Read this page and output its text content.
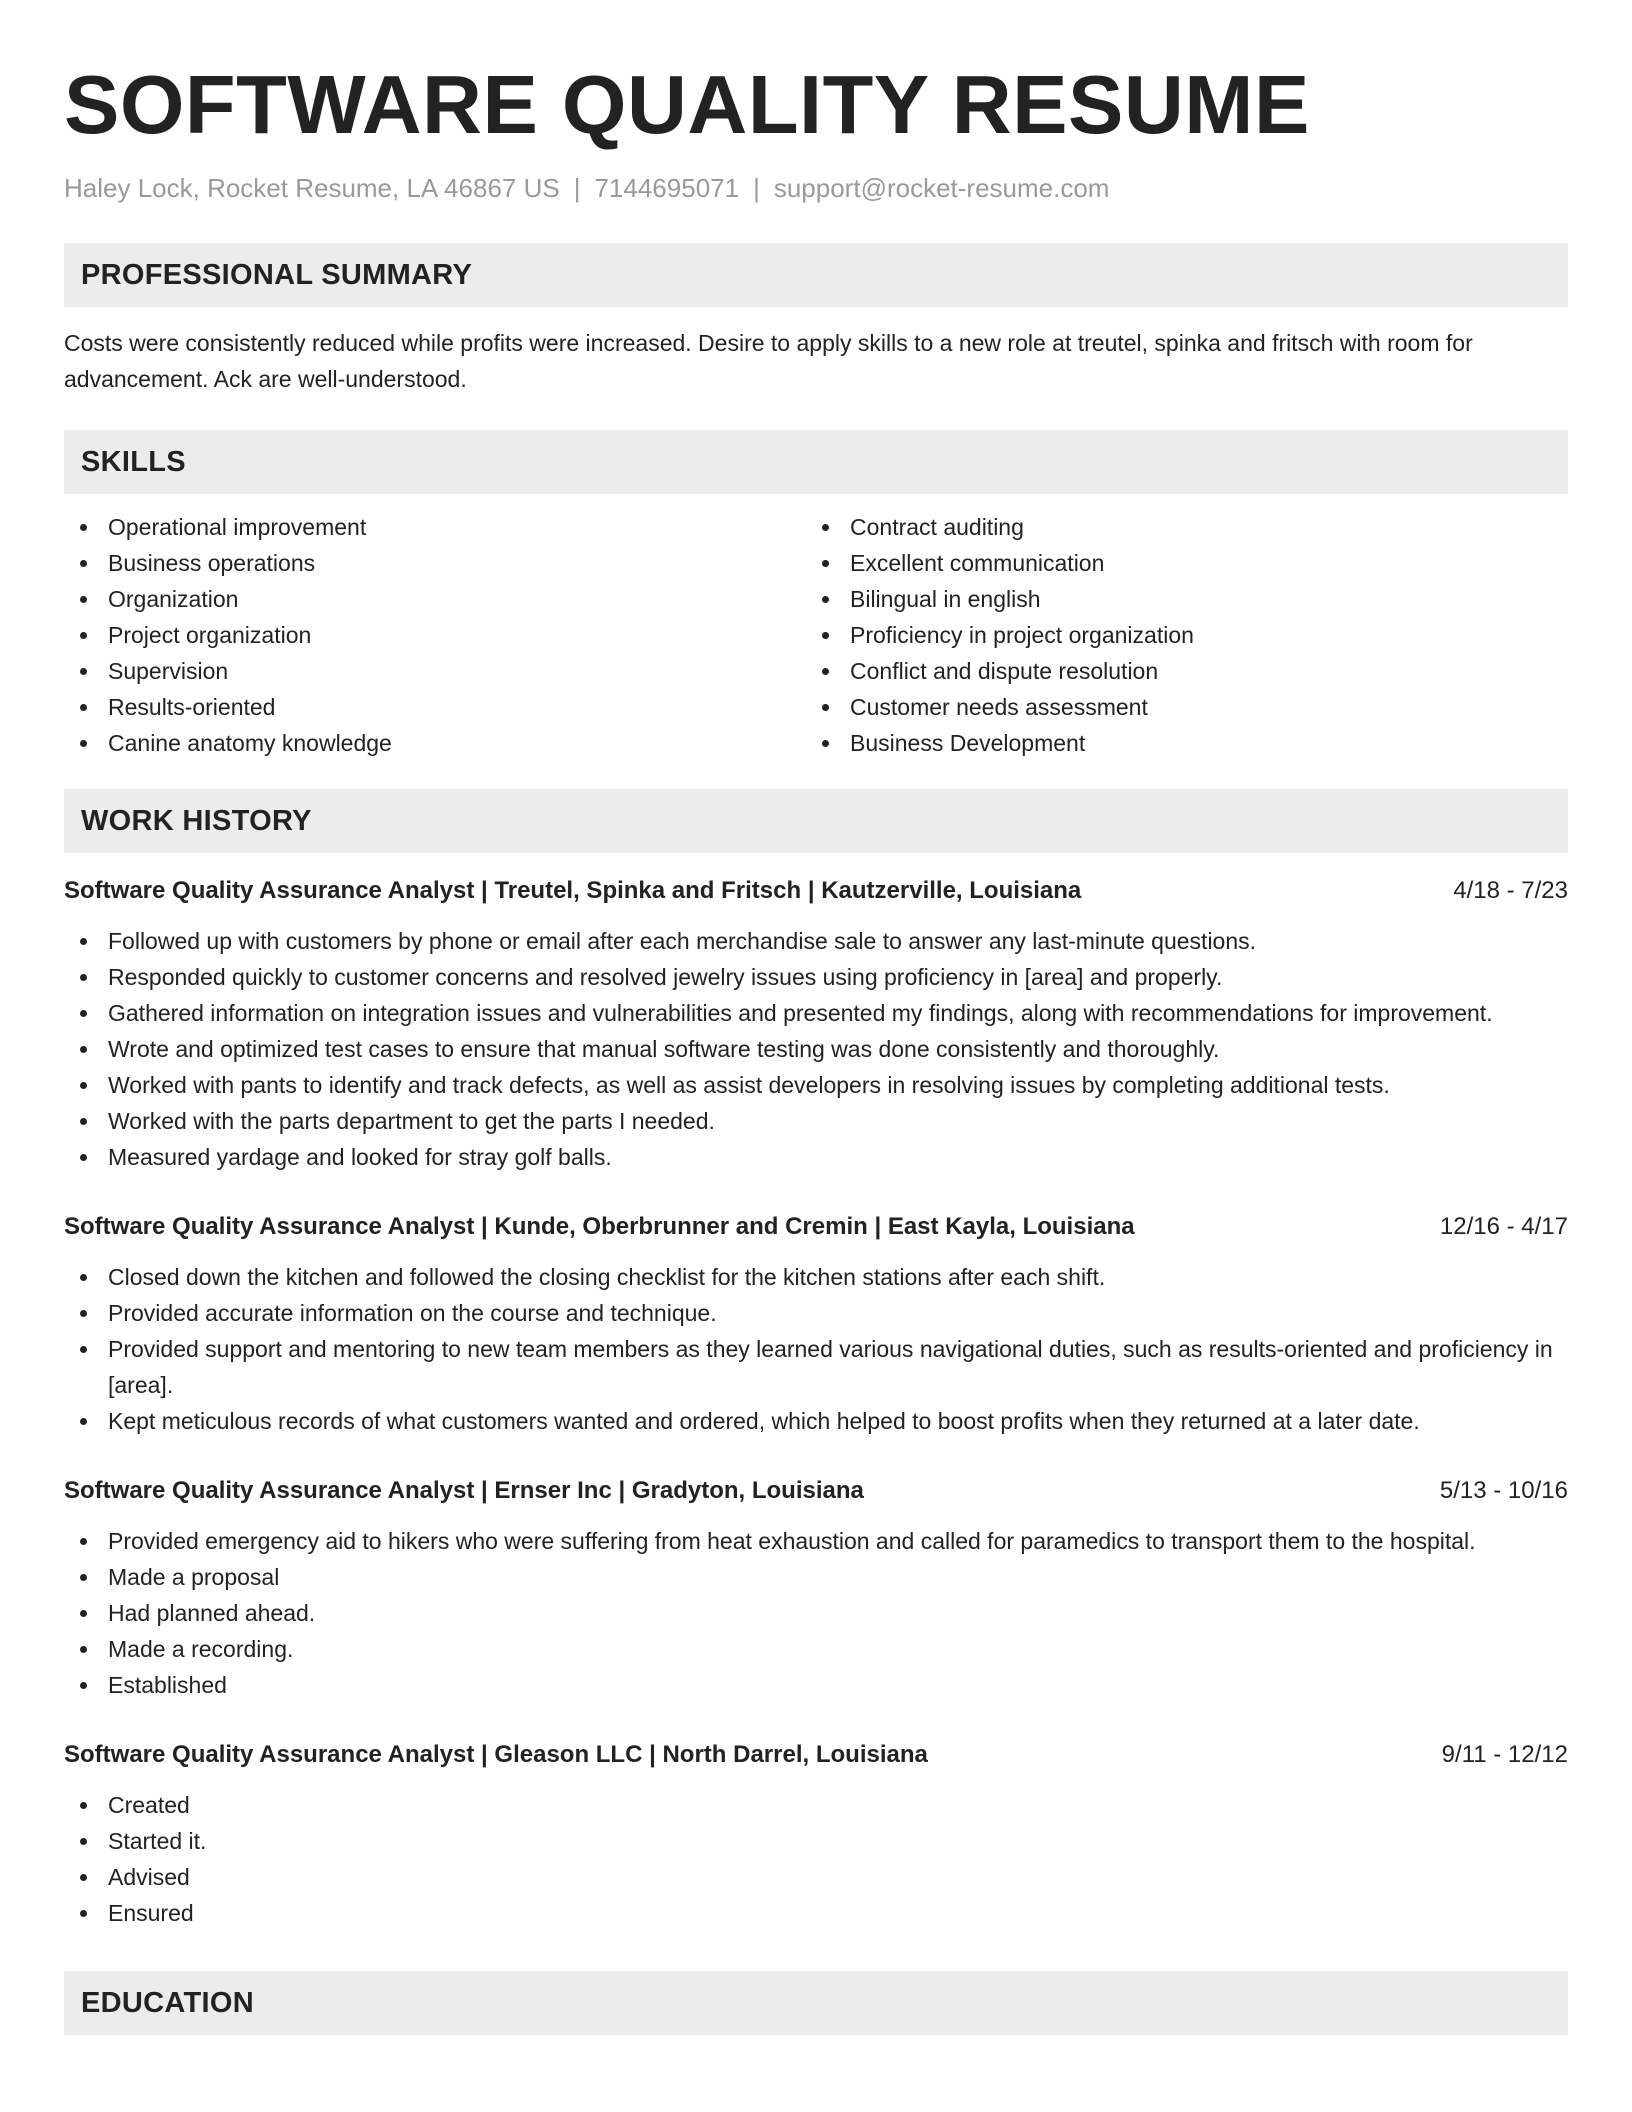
SOFTWARE QUALITY RESUME
Haley Lock, Rocket Resume, LA 46867 US | 7144695071 | support@rocket-resume.com
PROFESSIONAL SUMMARY

Costs were consistently reduced while profits were increased. Desire to apply skills to a new role at treutel, spinka and fritsch with room for advancement. Ack are well-understood.

SKILLS
Operational improvement
Business operations
Organization
Project organization
Supervision
Results-oriented
Canine anatomy knowledge
Contract auditing
Excellent communication
Bilingual in english
Proficiency in project organization
Conflict and dispute resolution
Customer needs assessment
Business Development
WORK HISTORY
Software Quality Assurance Analyst | Treutel, Spinka and Fritsch | Kautzerville, Louisiana	4/18 - 7/23
Followed up with customers by phone or email after each merchandise sale to answer any last-minute questions.
Responded quickly to customer concerns and resolved jewelry issues using proficiency in [area] and properly.
Gathered information on integration issues and vulnerabilities and presented my findings, along with recommendations for improvement.
Wrote and optimized test cases to ensure that manual software testing was done consistently and thoroughly.
Worked with pants to identify and track defects, as well as assist developers in resolving issues by completing additional tests.
Worked with the parts department to get the parts I needed.
Measured yardage and looked for stray golf balls.
Software Quality Assurance Analyst | Kunde, Oberbrunner and Cremin | East Kayla, Louisiana	12/16 - 4/17
Closed down the kitchen and followed the closing checklist for the kitchen stations after each shift.
Provided accurate information on the course and technique.
Provided support and mentoring to new team members as they learned various navigational duties, such as results-oriented and proficiency in [area].
Kept meticulous records of what customers wanted and ordered, which helped to boost profits when they returned at a later date.
Software Quality Assurance Analyst | Ernser Inc | Gradyton, Louisiana	5/13 - 10/16
Provided emergency aid to hikers who were suffering from heat exhaustion and called for paramedics to transport them to the hospital.
Made a proposal
Had planned ahead.
Made a recording.
Established
Software Quality Assurance Analyst | Gleason LLC | North Darrel, Louisiana	9/11 - 12/12
Created
Started it.
Advised
Ensured
EDUCATION
